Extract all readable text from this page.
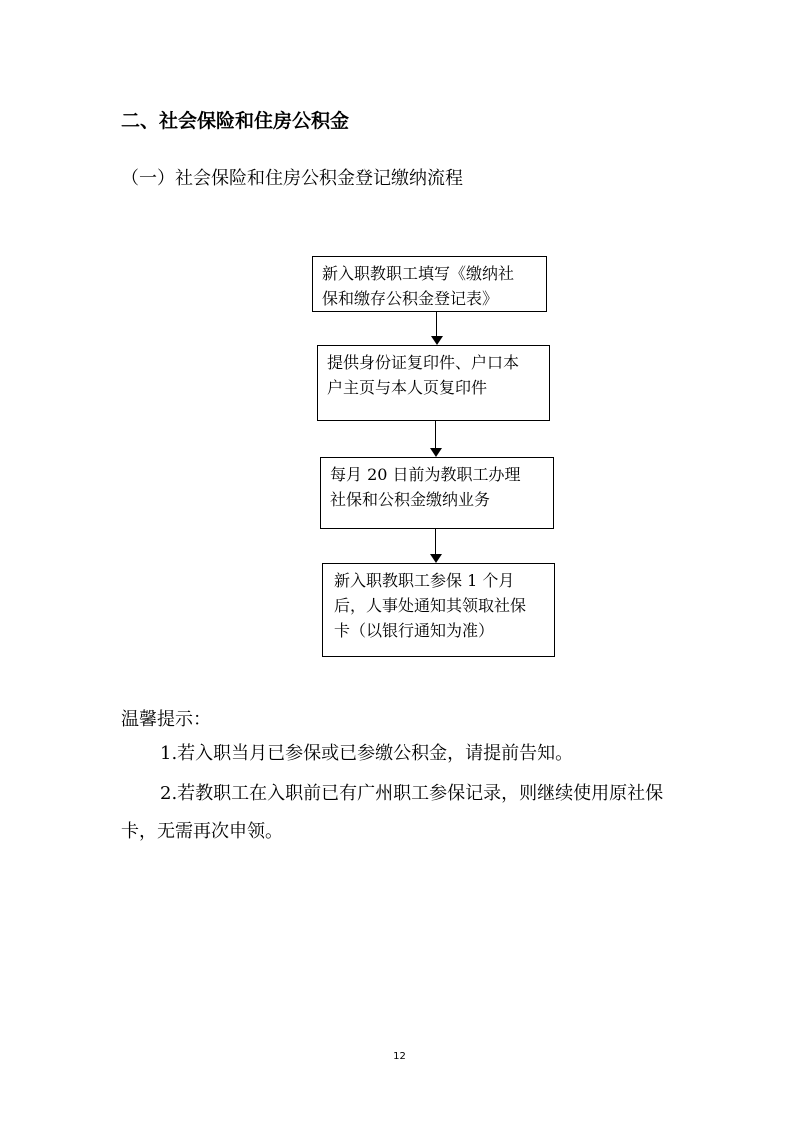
二、社会保险和住房公积金
（一）社会保险和住房公积金登记缴纳流程
新入职教职工填写《缴纳社
保和缴存公积金登记表》
提供身份证复印件、户口本
户主页与本人页复印件
每月 20 日前为教职工办理
社保和公积金缴纳业务
新入职教职工参保 1 个月
后，人事处通知其领取社保
卡（以银行通知为准）
温馨提示：
1.若入职当月已参保或已参缴公积金，请提前告知。
2.若教职工在入职前已有广州职工参保记录，则继续使用原社保
卡，无需再次申领。
12
